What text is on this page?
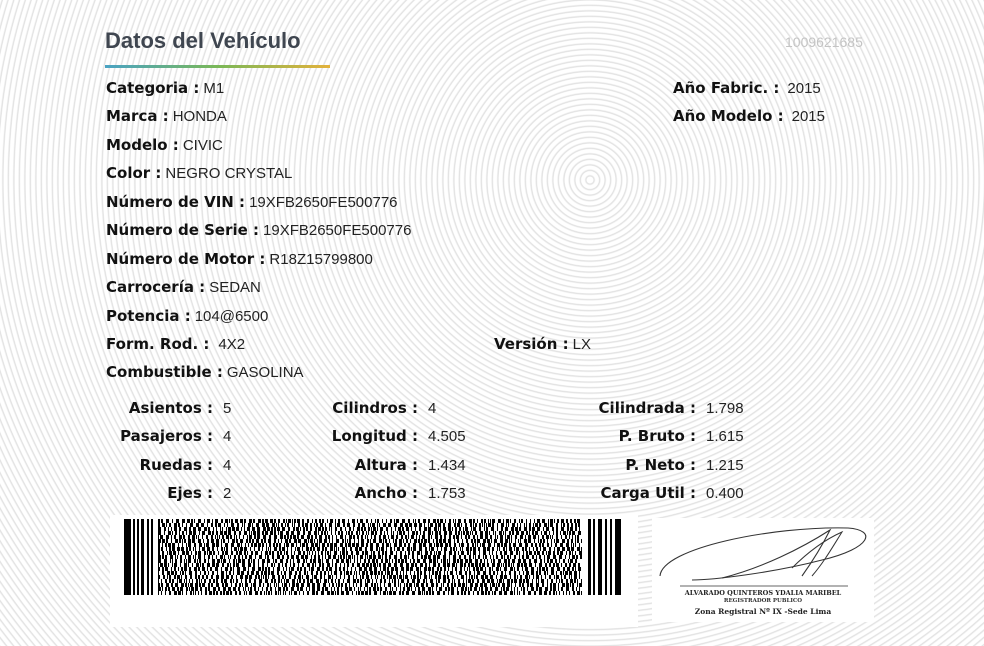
Datos del Vehículo	1009621685
Categoria : M1
Marca : HONDA
Modelo : CIVIC
Color : NEGRO CRYSTAL
Número de VIN : 19XFB2650FE500776
Número de Serie : 19XFB2650FE500776
Número de Motor : R18Z15799800
Carrocería : SEDAN
Potencia : 104@6500
Form. Rod. : 4X2	Versión : LX
Combustible : GASOLINA
Año Fabric. : 2015
Año Modelo : 2015
Asientos : 5
Pasajeros : 4
Ruedas : 4
Ejes : 2
Cilindros : 4
Longitud : 4.505
Altura : 1.434
Ancho : 1.753
Cilindrada : 1.798
P. Bruto : 1.615
P. Neto : 1.215
Carga Util : 0.400
ALVARADO QUINTEROS YDALIA MARIBEL
REGISTRADOR PUBLICO
Zona Registral Nº IX -Sede Lima
